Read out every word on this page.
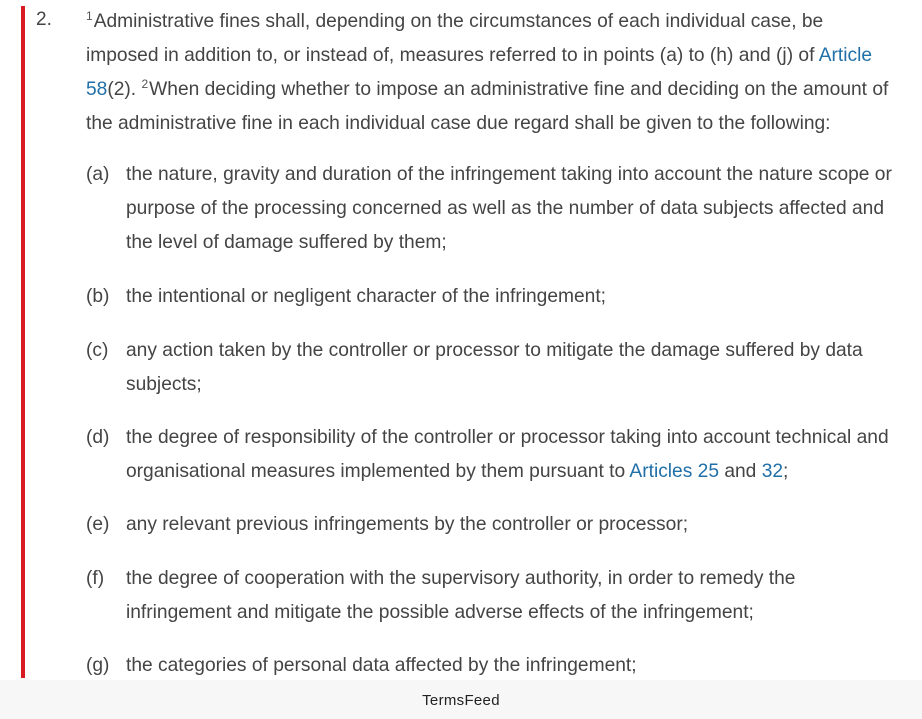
2.	$^1$Administrative fines shall, depending on the circumstances of each individual case, be imposed in addition to, or instead of, measures referred to in points (a) to (h) and (j) of Article 58(2). $^2$When deciding whether to impose an administrative fine and deciding on the amount of the administrative fine in each individual case due regard shall be given to the following:
(a) the nature, gravity and duration of the infringement taking into account the nature scope or purpose of the processing concerned as well as the number of data subjects affected and the level of damage suffered by them;
(b) the intentional or negligent character of the infringement;
(c) any action taken by the controller or processor to mitigate the damage suffered by data subjects;
(d) the degree of responsibility of the controller or processor taking into account technical and organisational measures implemented by them pursuant to Articles 25 and 32;
(e) any relevant previous infringements by the controller or processor;
(f) the degree of cooperation with the supervisory authority, in order to remedy the infringement and mitigate the possible adverse effects of the infringement;
(g) the categories of personal data affected by the infringement;
TermsFeed
